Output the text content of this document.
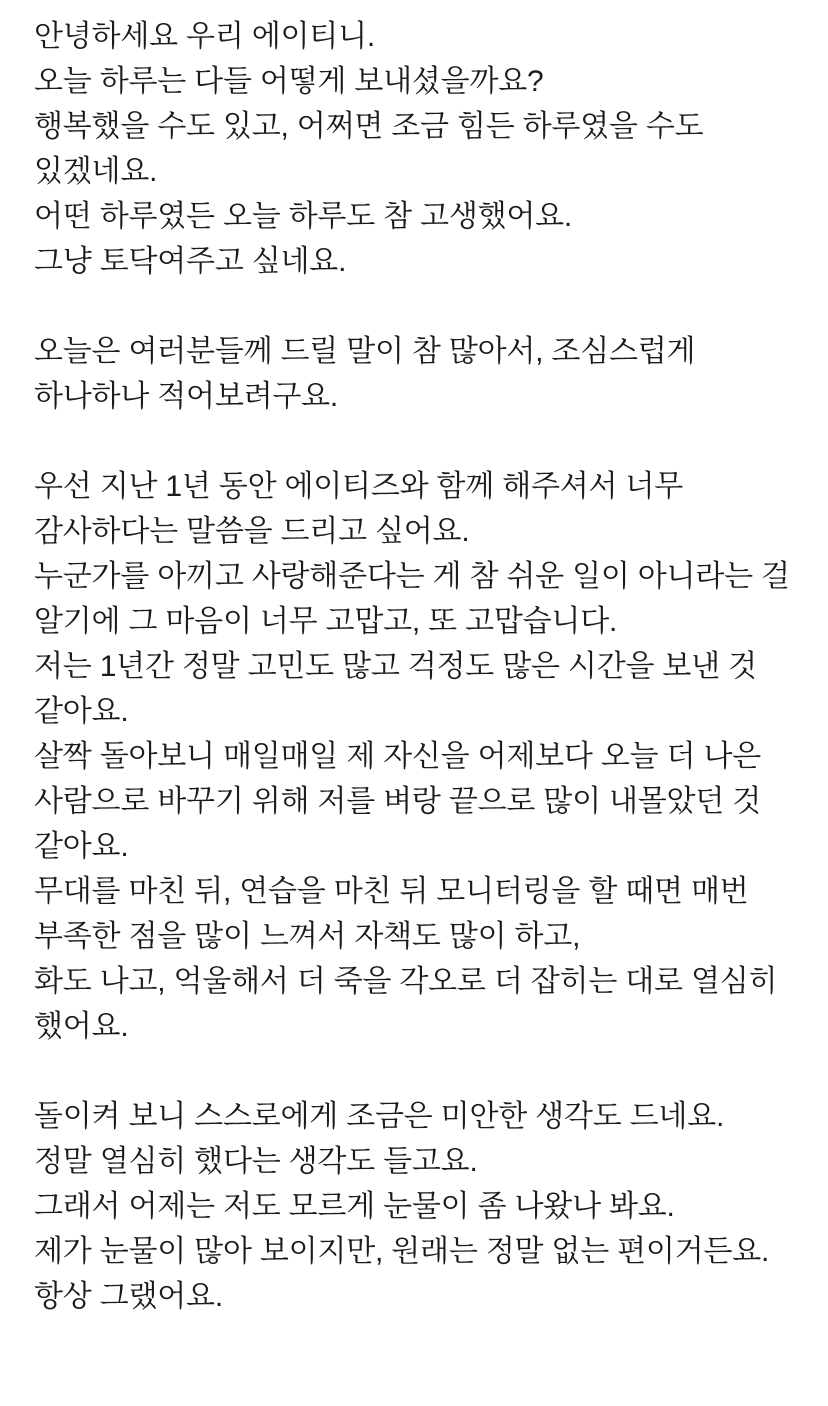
안녕하세요 우리 에이티니.

오늘 하루는 다들 어떻게 보내셨을까요?

행복했을 수도 있고, 어쩌면 조금 힘든 하루였을 수도 있겠네요.

어떤 하루였든 오늘 하루도 참 고생했어요.

그냥 토닥여주고 싶네요.

오늘은 여러분들께 드릴 말이 참 많아서, 조심스럽게 하나하나 적어보려구요.

우선 지난 1년 동안 에이티즈와 함께 해주셔서 너무 감사하다는 말씀을 드리고 싶어요.

누군가를 아끼고 사랑해준다는 게 참 쉬운 일이 아니라는 걸 알기에 그 마음이 너무 고맙고, 또 고맙습니다.

저는 1년간 정말 고민도 많고 걱정도 많은 시간을 보낸 것 같아요.

살짝 돌아보니 매일매일 제 자신을 어제보다 오늘 더 나은 사람으로 바꾸기 위해 저를 벼랑 끝으로 많이 내몰았던 것 같아요.

무대를 마친 뒤, 연습을 마친 뒤 모니터링을 할 때면 매번 부족한 점을 많이 느껴서 자책도 많이 하고,

화도 나고, 억울해서 더 죽을 각오로 더 잡히는 대로 열심히 했어요.

돌이켜 보니 스스로에게 조금은 미안한 생각도 드네요.

정말 열심히 했다는 생각도 들고요.

그래서 어제는 저도 모르게 눈물이 좀 나왔나 봐요.

제가 눈물이 많아 보이지만, 원래는 정말 없는 편이거든요.

항상 그랬어요.
